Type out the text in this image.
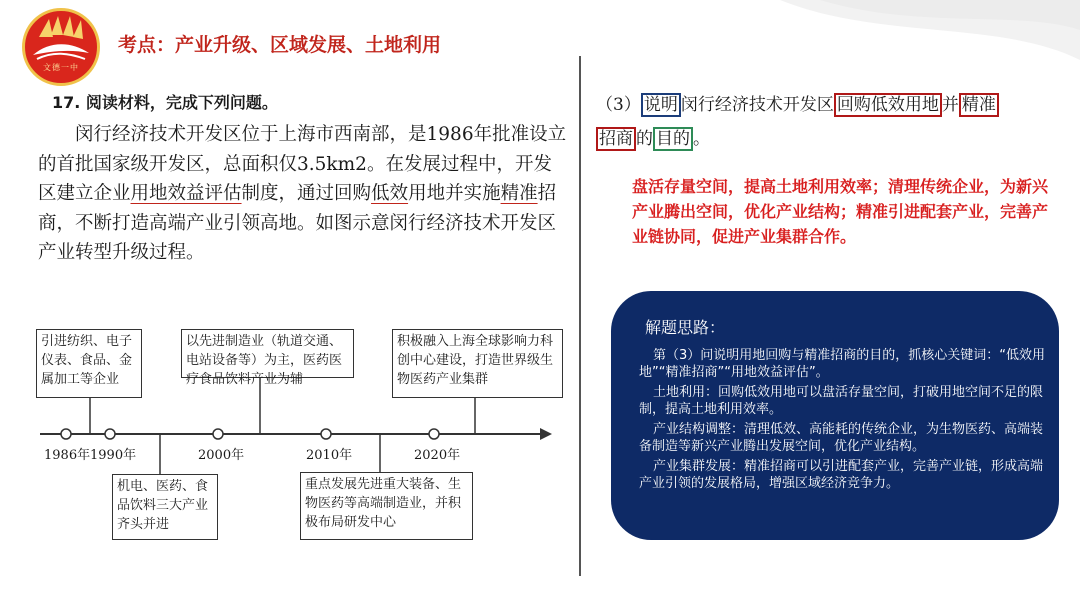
文德一中
考点：产业升级、区域发展、土地利用
17. 阅读材料，完成下列问题。
闵行经济技术开发区位于上海市西南部，是1986年批准设立的首批国家级开发区，总面积仅3.5km2。在发展过程中，开发区建立企业用地效益评估制度，通过回购低效用地并实施精准招商，不断打造高端产业引领高地。如图示意闵行经济技术开发区产业转型升级过程。
1986年 1990年	2000年	2010年	2020年
引进纺织、电子仪表、食品、金属加工等企业
以先进制造业（轨道交通、电站设备等）为主，医药医疗食品饮料产业为辅
积极融入上海全球影响力科创中心建设，打造世界级生物医药产业集群
机电、医药、食品饮料三大产业齐头并进
重点发展先进重大装备、生物医药等高端制造业，并积极布局研发中心
（3） 说明 闵行经济技术开发区 回购低效用地 并 精准
招商 的 目的 。
盘活存量空间，提高土地利用效率；清理传统企业，为新兴产业腾出空间，优化产业结构；精准引进配套产业，完善产业链协同，促进产业集群合作。
解题思路：

第（3）问说明用地回购与精准招商的目的，抓核心关键词：“低效用地”“精准招商”“用地效益评估”。

土地利用：回购低效用地可以盘活存量空间，打破用地空间不足的限制，提高土地利用效率。

产业结构调整：清理低效、高能耗的传统企业，为生物医药、高端装备制造等新兴产业腾出发展空间，优化产业结构。

产业集群发展：精准招商可以引进配套产业，完善产业链，形成高端产业引领的发展格局，增强区域经济竞争力。
